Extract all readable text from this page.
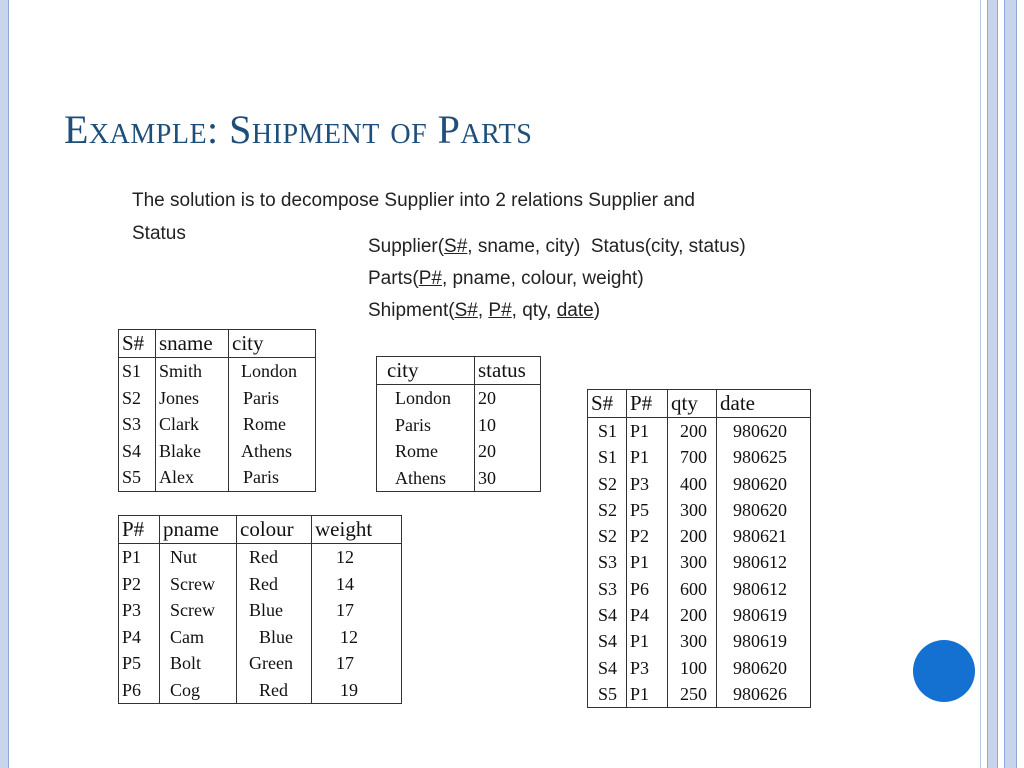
Example: Shipment of Parts
The solution is to decompose Supplier into 2 relations Supplier and
Status
Supplier(S#, sname, city) Status(city, status)
Parts(P#, pname, colour, weight)
Shipment(S#, P#, qty, date)
S#	sname	city
S1	Smith	London
S2	Jones	Paris
S3	Clark	Rome
S4	Blake	Athens
S5	Alex	Paris
city	status
London	20
Paris	10
Rome	20
Athens	30
P#	pname	colour	weight
P1	Nut	Red	12
P2	Screw	Red	14
P3	Screw	Blue	17
P4	Cam	Blue	12
P5	Bolt	Green	17
P6	Cog	Red	19
S#	P#	qty	date
S1	P1	200	980620
S1	P1	700	980625
S2	P3	400	980620
S2	P5	300	980620
S2	P2	200	980621
S3	P1	300	980612
S3	P6	600	980612
S4	P4	200	980619
S4	P1	300	980619
S4	P3	100	980620
S5	P1	250	980626
